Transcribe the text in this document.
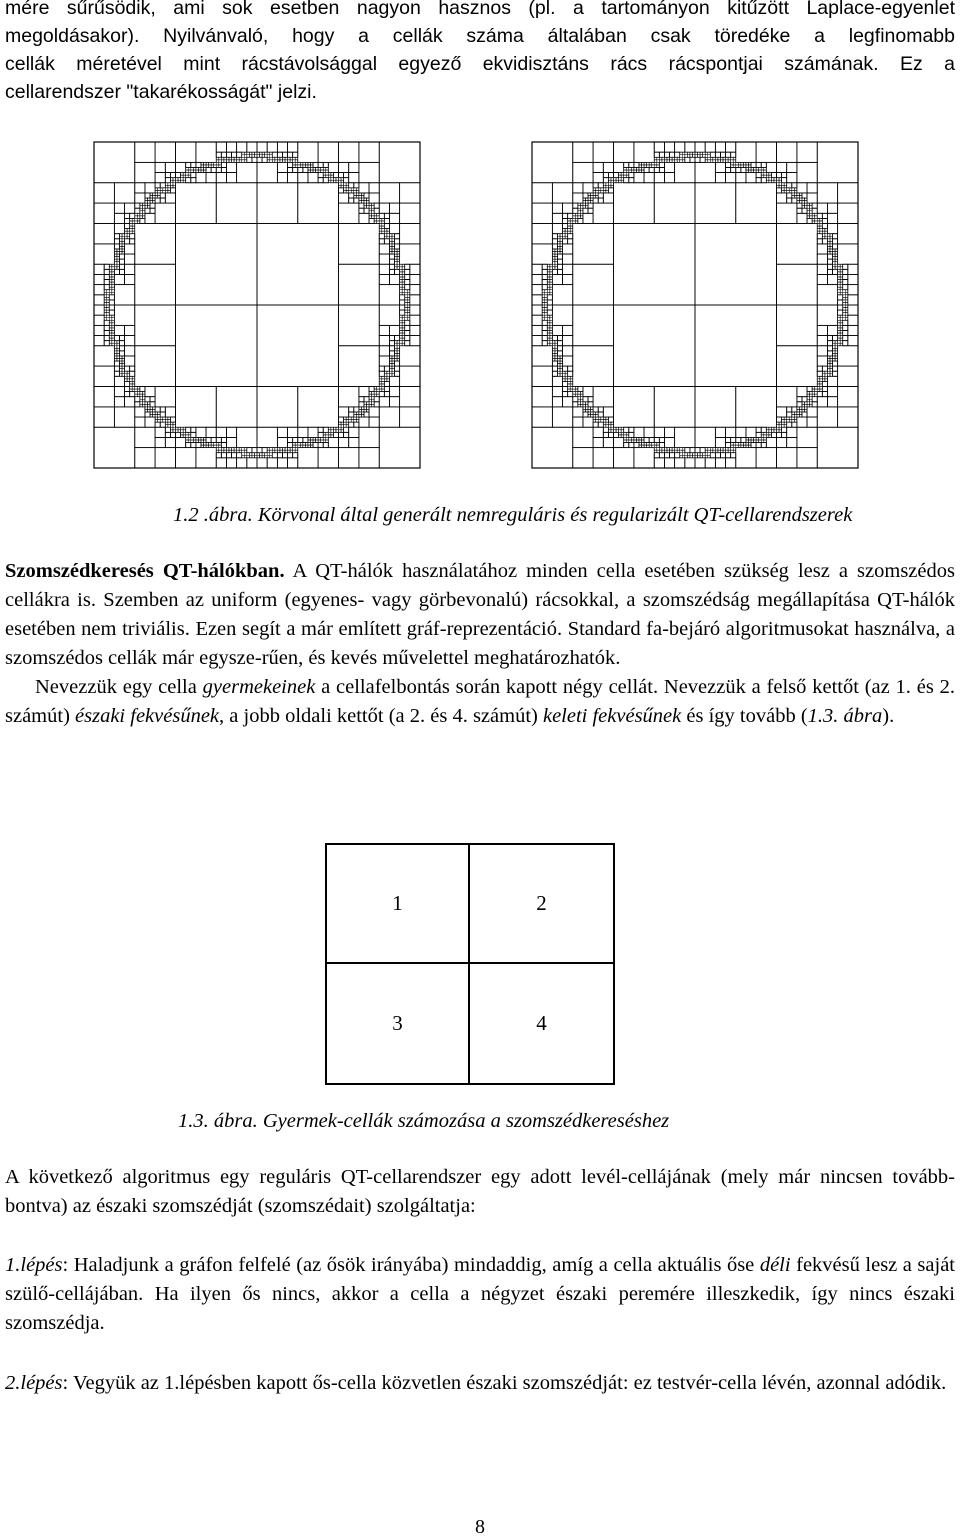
mére sűrűsödik, ami sok esetben nagyon hasznos (pl. a tartományon kitűzött Laplace-egyenlet
megoldásakor). Nyilvánvaló, hogy a cellák száma általában csak töredéke a legfinomabb
cellák méretével mint rácstávolsággal egyező ekvidisztáns rács rácspontjai számának. Ez a
cellarendszer "takarékosságát" jelzi.
1.2 .ábra. Körvonal által generált nemreguláris és regularizált QT-cellarendszerek
Szomszédkeresés QT-hálókban. A QT-hálók használatához minden cella esetében szükség lesz a szomszédos cellákra is. Szemben az uniform (egyenes- vagy görbevonalú) rácsokkal, a szomszédság megállapítása QT-hálók esetében nem triviális. Ezen segít a már említett gráf-reprezentáció. Standard fa-bejáró algoritmusokat használva, a szomszédos cellák már egysze-rűen, és kevés művelettel meghatározhatók.
Nevezzük egy cella gyermekeinek a cellafelbontás során kapott négy cellát. Nevezzük a felső kettőt (az 1. és 2. számút) északi fekvésűnek, a jobb oldali kettőt (a 2. és 4. számút) keleti fekvésűnek és így tovább (1.3. ábra).
1	2
3	4
1.3. ábra. Gyermek-cellák számozása a szomszédkereséshez
A következő algoritmus egy reguláris QT-cellarendszer egy adott levél-cellájának (mely már nincsen tovább-bontva) az északi szomszédját (szomszédait) szolgáltatja:
1.lépés: Haladjunk a gráfon felfelé (az ősök irányába) mindaddig, amíg a cella aktuális őse déli fekvésű lesz a saját szülő-cellájában. Ha ilyen ős nincs, akkor a cella a négyzet északi peremére illeszkedik, így nincs északi szomszédja.
2.lépés: Vegyük az 1.lépésben kapott ős-cella közvetlen északi szomszédját: ez testvér-cella lévén, azonnal adódik.
8
